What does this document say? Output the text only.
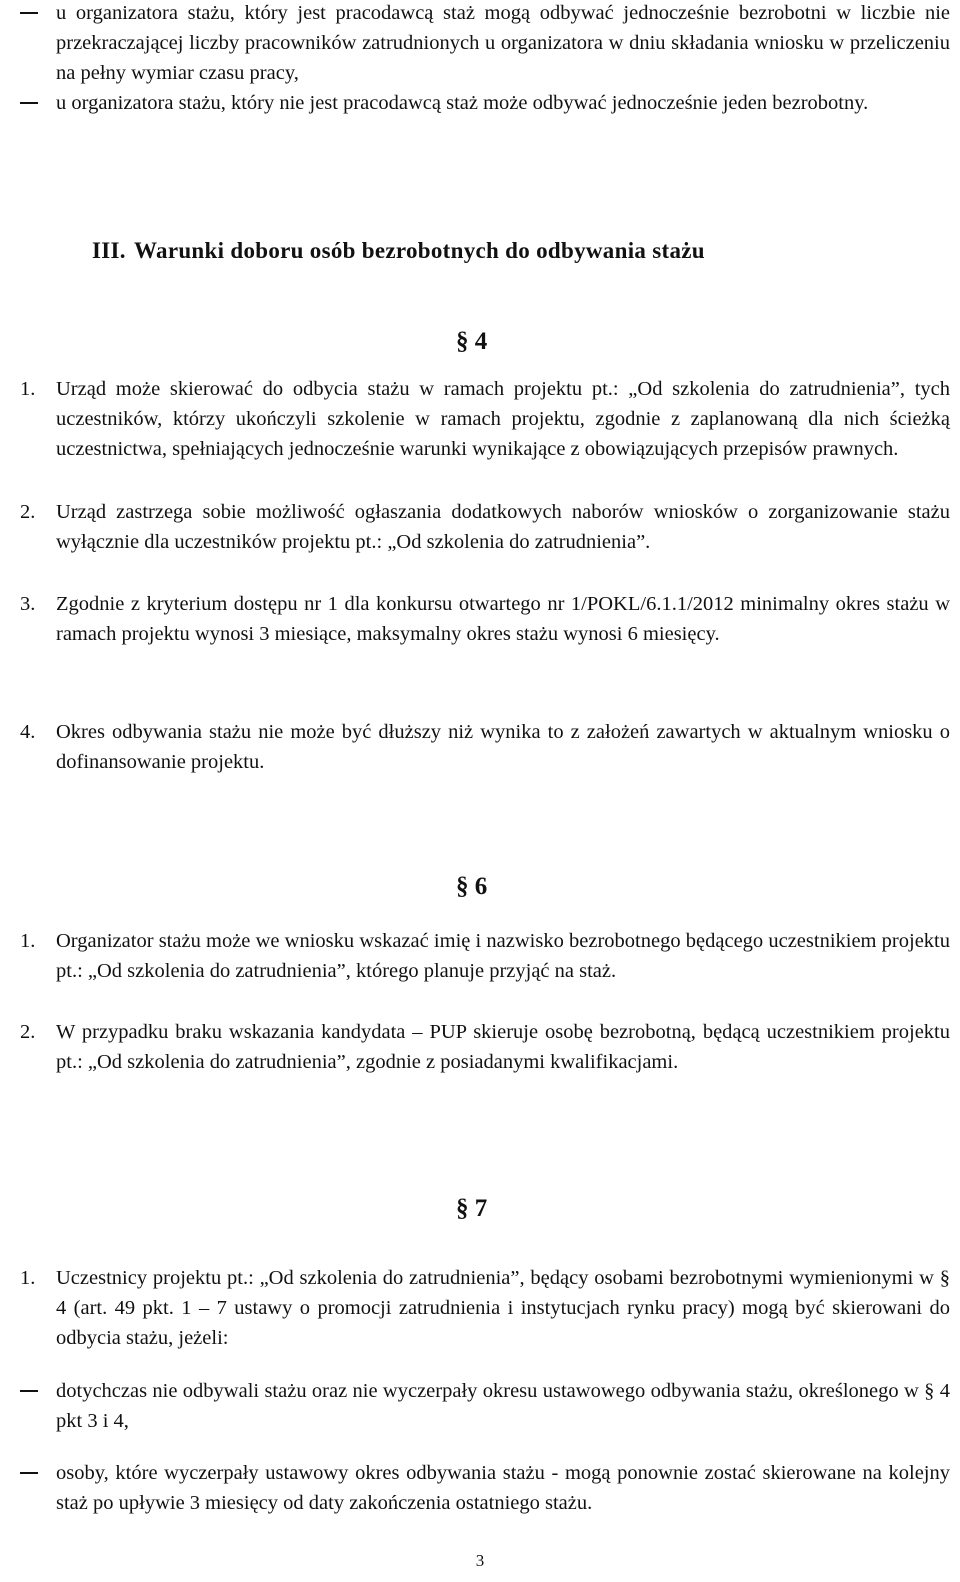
u organizatora stażu, który jest pracodawcą staż mogą odbywać jednocześnie bezrobotni w liczbie nie przekraczającej liczby pracowników zatrudnionych u organizatora w dniu składania wniosku w przeliczeniu na pełny wymiar czasu pracy,

u organizatora stażu, który nie jest pracodawcą staż może odbywać jednocześnie jeden bezrobotny.

III. Warunki doboru osób bezrobotnych do odbywania stażu
§ 4
1. Urząd może skierować do odbycia stażu w ramach projektu pt.: „Od szkolenia do zatrudnienia”, tych uczestników, którzy ukończyli szkolenie w ramach projektu, zgodnie z zaplanowaną dla nich ścieżką uczestnictwa, spełniających jednocześnie warunki wynikające z obowiązujących przepisów prawnych.

2. Urząd zastrzega sobie możliwość ogłaszania dodatkowych naborów wniosków o zorganizowanie stażu wyłącznie dla uczestników projektu pt.: „Od szkolenia do zatrudnienia”.

3. Zgodnie z kryterium dostępu nr 1 dla konkursu otwartego nr 1/POKL/6.1.1/2012 minimalny okres stażu w ramach projektu wynosi 3 miesiące, maksymalny okres stażu wynosi 6 miesięcy.

4. Okres odbywania stażu nie może być dłuższy niż wynika to z założeń zawartych w aktualnym wniosku o dofinansowanie projektu.

§ 6
1. Organizator stażu może we wniosku wskazać imię i nazwisko bezrobotnego będącego uczestnikiem projektu pt.: „Od szkolenia do zatrudnienia”, którego planuje przyjąć na staż.

2. W przypadku braku wskazania kandydata – PUP skieruje osobę bezrobotną, będącą uczestnikiem projektu pt.: „Od szkolenia do zatrudnienia”, zgodnie z posiadanymi kwalifikacjami.

§ 7
1. Uczestnicy projektu pt.: „Od szkolenia do zatrudnienia”, będący osobami bezrobotnymi wymienionymi w § 4 (art. 49 pkt. 1 – 7 ustawy o promocji zatrudnienia i instytucjach rynku pracy) mogą być skierowani do odbycia stażu, jeżeli:

dotychczas nie odbywali stażu oraz nie wyczerpały okresu ustawowego odbywania stażu, określonego w § 4 pkt 3 i 4,

osoby, które wyczerpały ustawowy okres odbywania stażu - mogą ponownie zostać skierowane na kolejny staż po upływie 3 miesięcy od daty zakończenia ostatniego stażu.

3
